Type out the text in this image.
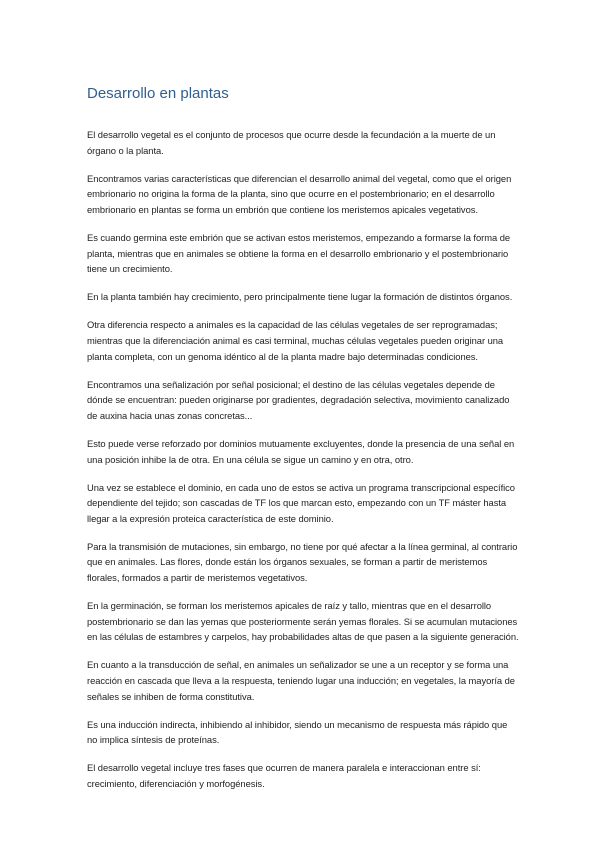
Desarrollo en plantas

El desarrollo vegetal es el conjunto de procesos que ocurre desde la fecundación a la muerte de un órgano o la planta.

Encontramos varias características que diferencian el desarrollo animal del vegetal, como que el origen embrionario no origina la forma de la planta, sino que ocurre en el postembrionario; en el desarrollo embrionario en plantas se forma un embrión que contiene los meristemos apicales vegetativos.

Es cuando germina este embrión que se activan estos meristemos, empezando a formarse la forma de planta, mientras que en animales se obtiene la forma en el desarrollo embrionario y el postembrionario tiene un crecimiento.

En la planta también hay crecimiento, pero principalmente tiene lugar la formación de distintos órganos.

Otra diferencia respecto a animales es la capacidad de las células vegetales de ser reprogramadas; mientras que la diferenciación animal es casi terminal, muchas células vegetales pueden originar una planta completa, con un genoma idéntico al de la planta madre bajo determinadas condiciones.

Encontramos una señalización por señal posicional; el destino de las células vegetales depende de dónde se encuentran: pueden originarse por gradientes, degradación selectiva, movimiento canalizado de auxina hacia unas zonas concretas...

Esto puede verse reforzado por dominios mutuamente excluyentes, donde la presencia de una señal en una posición inhibe la de otra. En una célula se sigue un camino y en otra, otro.

Una vez se establece el dominio, en cada uno de estos se activa un programa transcripcional específico dependiente del tejido; son cascadas de TF los que marcan esto, empezando con un TF máster hasta llegar a la expresión proteica característica de este dominio.

Para la transmisión de mutaciones, sin embargo, no tiene por qué afectar a la línea germinal, al contrario que en animales. Las flores, donde están los órganos sexuales, se forman a partir de meristemos florales, formados a partir de meristemos vegetativos.

En la germinación, se forman los meristemos apicales de raíz y tallo, mientras que en el desarrollo postembrionario se dan las yemas que posteriormente serán yemas florales. Si se acumulan mutaciones en las células de estambres y carpelos, hay probabilidades altas de que pasen a la siguiente generación.

En cuanto a la transducción de señal, en animales un señalizador se une a un receptor y se forma una reacción en cascada que lleva a la respuesta, teniendo lugar una inducción; en vegetales, la mayoría de señales se inhiben de forma constitutiva.

Es una inducción indirecta, inhibiendo al inhibidor, siendo un mecanismo de respuesta más rápido que no implica síntesis de proteínas.

El desarrollo vegetal incluye tres fases que ocurren de manera paralela e interaccionan entre sí: crecimiento, diferenciación y morfogénesis.
